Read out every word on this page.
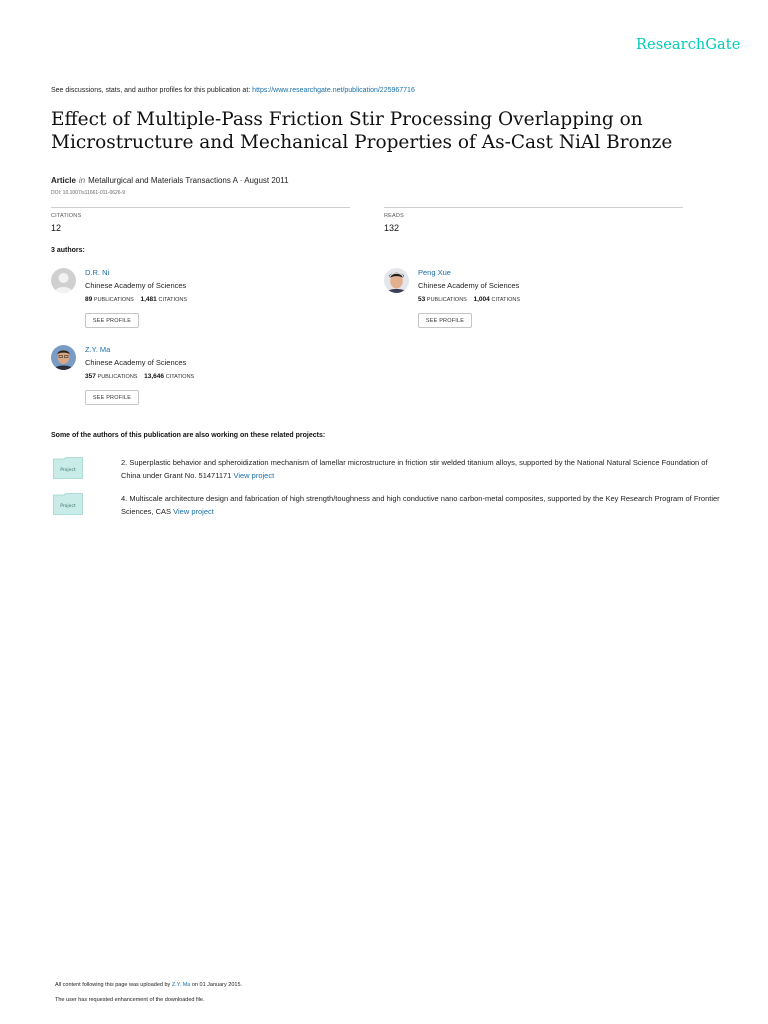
ResearchGate
See discussions, stats, and author profiles for this publication at: https://www.researchgate.net/publication/225967716
Effect of Multiple-Pass Friction Stir Processing Overlapping on Microstructure and Mechanical Properties of As-Cast NiAl Bronze
Article in Metallurgical and Materials Transactions A · August 2011
DOI: 10.1007/s11661-011-0626-9
CITATIONS
12
READS
132
3 authors:
D.R. Ni
Chinese Academy of Sciences
89 PUBLICATIONS 1,481 CITATIONS
SEE PROFILE
Peng Xue
Chinese Academy of Sciences
53 PUBLICATIONS 1,004 CITATIONS
SEE PROFILE
Z.Y. Ma
Chinese Academy of Sciences
357 PUBLICATIONS 13,646 CITATIONS
SEE PROFILE
Some of the authors of this publication are also working on these related projects:
Project
2. Superplastic behavior and spheroidization mechanism of lamellar microstructure in friction stir welded titanium alloys, supported by the National Natural Science Foundation of China under Grant No. 51471171 View project
Project
4. Multiscale architecture design and fabrication of high strength/toughness and high conductive nano carbon-metal composites, supported by the Key Research Program of Frontier Sciences, CAS View project
All content following this page was uploaded by Z.Y. Ma on 01 January 2015.
The user has requested enhancement of the downloaded file.
